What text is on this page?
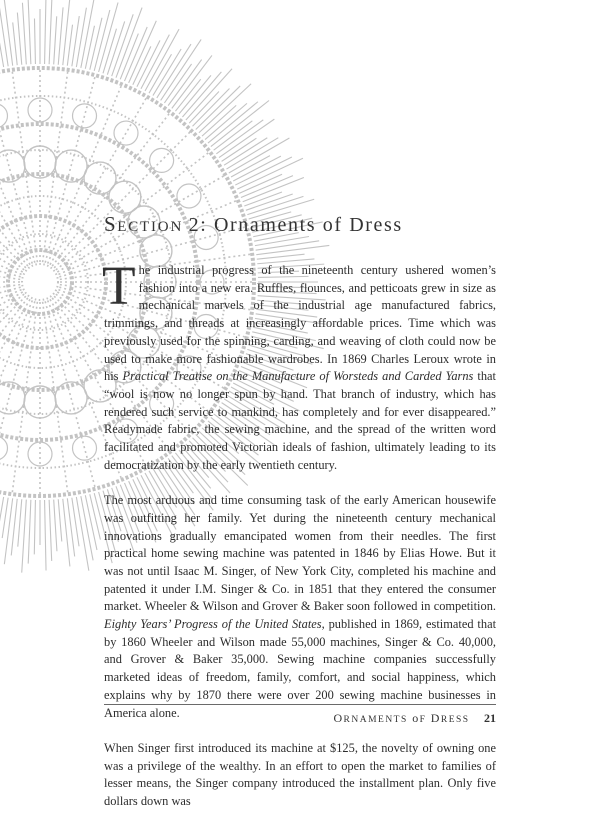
SECTION 2: Ornaments of Dress

The industrial progress of the nineteenth century ushered women’s fashion into a new era. Ruffles, flounces, and petticoats grew in size as mechanical marvels of the industrial age manufactured fabrics, trimmings, and threads at increasingly affordable prices. Time which was previously used for the spinning, carding, and weaving of cloth could now be used to make more fashionable wardrobes. In 1869 Charles Leroux wrote in his Practical Treatise on the Manufacture of Worsteds and Carded Yarns that “wool is now no longer spun by hand. That branch of industry, which has rendered such service to mankind, has completely and for ever disappeared.” Readymade fabric, the sewing machine, and the spread of the written word facilitated and promoted Victorian ideals of fashion, ultimately leading to its democratization by the early twentieth century.

The most arduous and time consuming task of the early American housewife was outfitting her family. Yet during the nineteenth century mechanical innovations gradually emancipated women from their needles. The first practical home sewing machine was patented in 1846 by Elias Howe. But it was not until Isaac M. Singer, of New York City, completed his machine and patented it under I.M. Singer & Co. in 1851 that they entered the consumer market. Wheeler & Wilson and Grover & Baker soon followed in competition. Eighty Years’ Progress of the United States, published in 1869, estimated that by 1860 Wheeler and Wilson made 55,000 machines, Singer & Co. 40,000, and Grover & Baker 35,000. Sewing machine companies successfully marketed ideas of freedom, family, comfort, and social happiness, which explains why by 1870 there were over 200 sewing machine businesses in America alone.

When Singer first introduced its machine at $125, the novelty of owning one was a privilege of the wealthy. In an effort to open the market to families of lesser means, the Singer company introduced the installment plan. Only five dollars down was

ORNAMENTS oF DRESS 21
